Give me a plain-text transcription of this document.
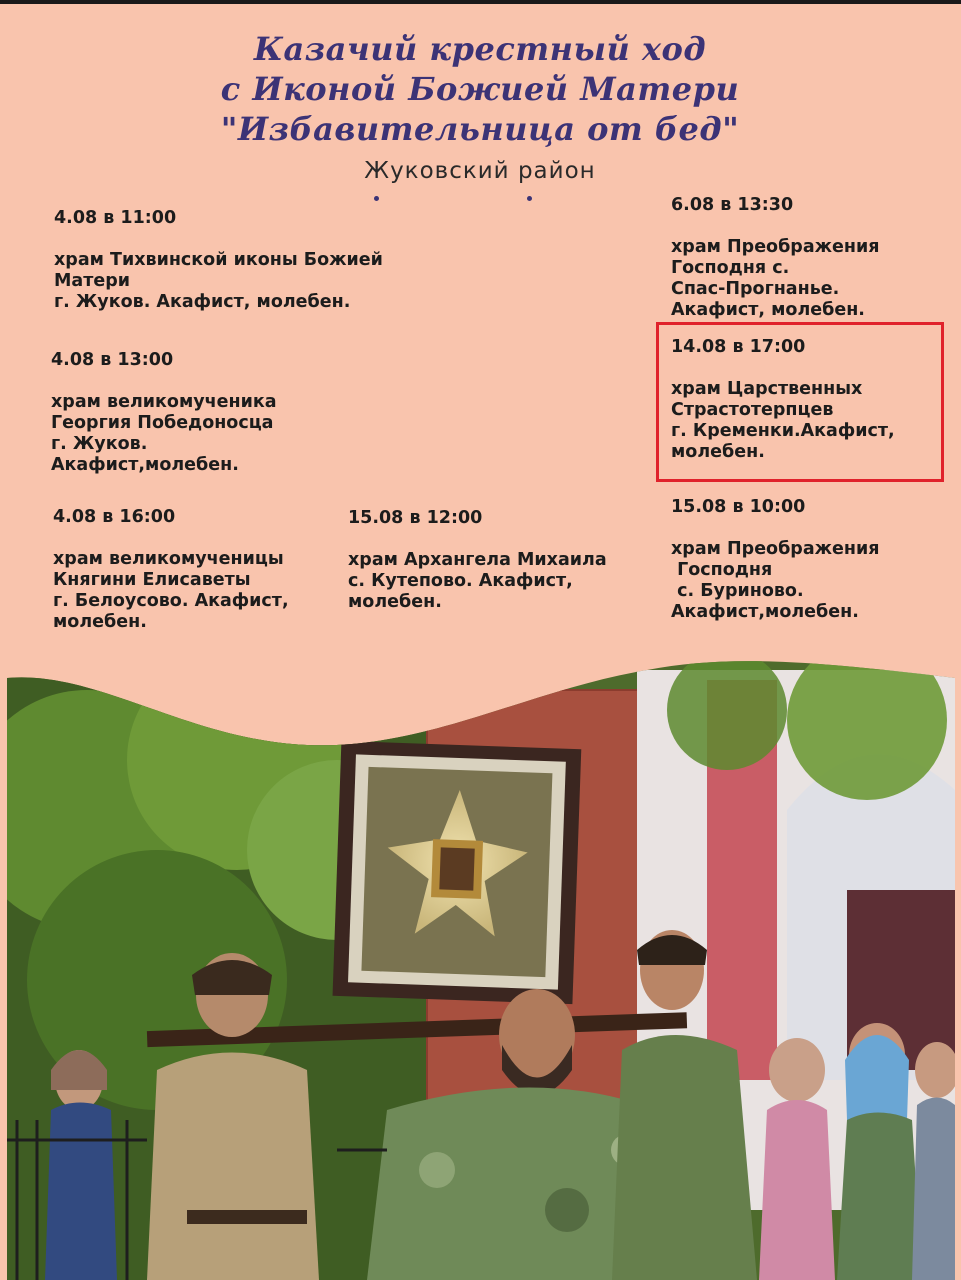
Казачий крестный ход
с Иконой Божией Матери
"Избавительница от бед"
Жуковский район
4.08 в 11:00
храм Тихвинской иконы Божией
Матери
г. Жуков. Акафист, молебен.
4.08 в 13:00
храм великомученика
Георгия Победоносца
г. Жуков.
Акафист,молебен.
4.08 в 16:00
храм великомученицы
Княгини Елисаветы
г. Белоусово. Акафист,
молебен.
15.08 в 12:00
храм Архангела Михаила
с. Кутепово. Акафист,
молебен.
6.08 в 13:30
храм Преображения
Господня с.
Спас-Прогнанье.
Акафист, молебен.
14.08 в 17:00
храм Царственных
Страстотерпцев
г. Кременки.Акафист,
молебен.
15.08 в 10:00
храм Преображения
Господня
с. Буриново.
Акафист,молебен.
